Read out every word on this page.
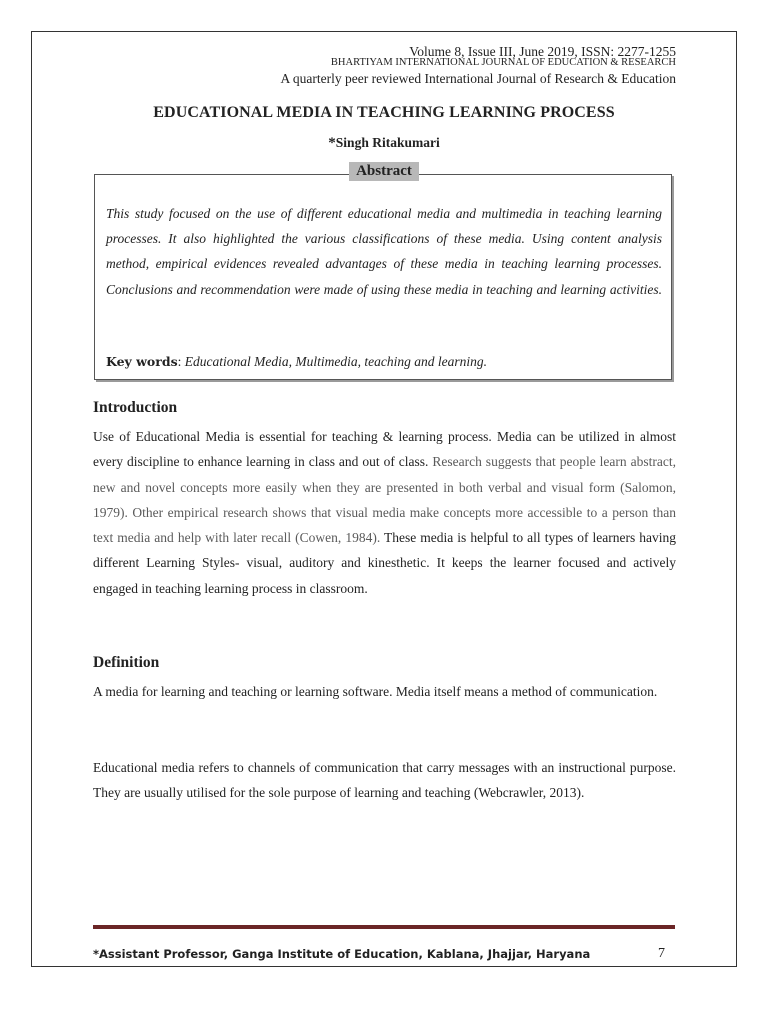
Volume 8, Issue III, June 2019, ISSN: 2277-1255
BHARTIYAM INTERNATIONAL JOURNAL OF EDUCATION & RESEARCH
A quarterly peer reviewed International Journal of Research & Education
EDUCATIONAL MEDIA IN TEACHING LEARNING PROCESS
*Singh Ritakumari
Abstract
This study focused on the use of different educational media and multimedia in teaching learning processes. It also highlighted the various classifications of these media. Using content analysis method, empirical evidences revealed advantages of these media in teaching learning processes. Conclusions and recommendation were made of using these media in teaching and learning activities.
Key words: Educational Media, Multimedia, teaching and learning.
Introduction
Use of Educational Media is essential for teaching & learning process. Media can be utilized in almost every discipline to enhance learning in class and out of class. Research suggests that people learn abstract, new and novel concepts more easily when they are presented in both verbal and visual form (Salomon, 1979). Other empirical research shows that visual media make concepts more accessible to a person than text media and help with later recall (Cowen, 1984). These media is helpful to all types of learners having different Learning Styles- visual, auditory and kinesthetic. It keeps the learner focused and actively engaged in teaching learning process in classroom.
Definition
A media for learning and teaching or learning software. Media itself means a method of communication.
Educational media refers to channels of communication that carry messages with an instructional purpose. They are usually utilised for the sole purpose of learning and teaching (Webcrawler, 2013).
*Assistant Professor, Ganga Institute of Education, Kablana, Jhajjar, Haryana	7
